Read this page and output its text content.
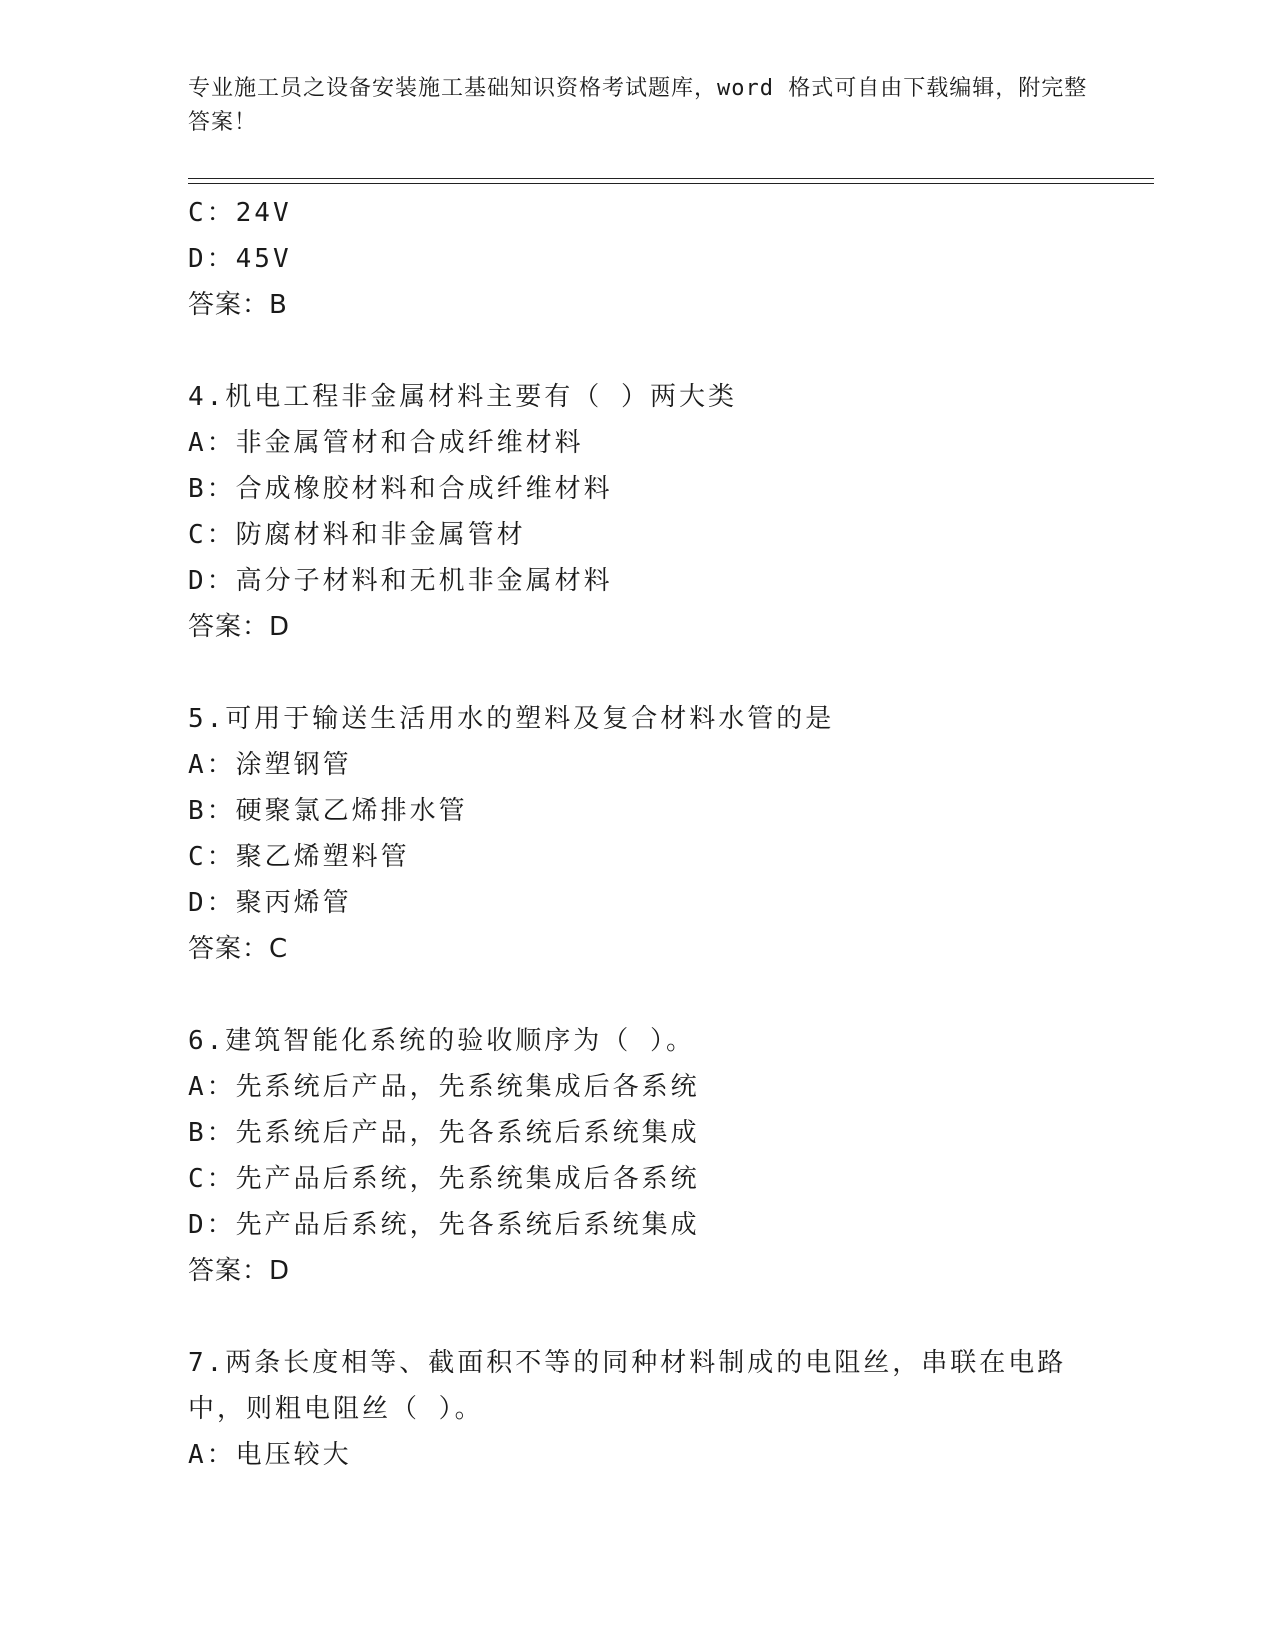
专业施工员之设备安装施工基础知识资格考试题库，word 格式可自由下载编辑，附完整答案！
C：24V
D：45V
答案：B
4.机电工程非金属材料主要有（ ）两大类
A：非金属管材和合成纤维材料
B：合成橡胶材料和合成纤维材料
C：防腐材料和非金属管材
D：高分子材料和无机非金属材料
答案：D
5.可用于输送生活用水的塑料及复合材料水管的是
A：涂塑钢管
B：硬聚氯乙烯排水管
C：聚乙烯塑料管
D：聚丙烯管
答案：C
6.建筑智能化系统的验收顺序为（ ）。
A：先系统后产品，先系统集成后各系统
B：先系统后产品，先各系统后系统集成
C：先产品后系统，先系统集成后各系统
D：先产品后系统，先各系统后系统集成
答案：D
7.两条长度相等、截面积不等的同种材料制成的电阻丝，串联在电路中，则粗电阻丝（ ）。
A：电压较大
